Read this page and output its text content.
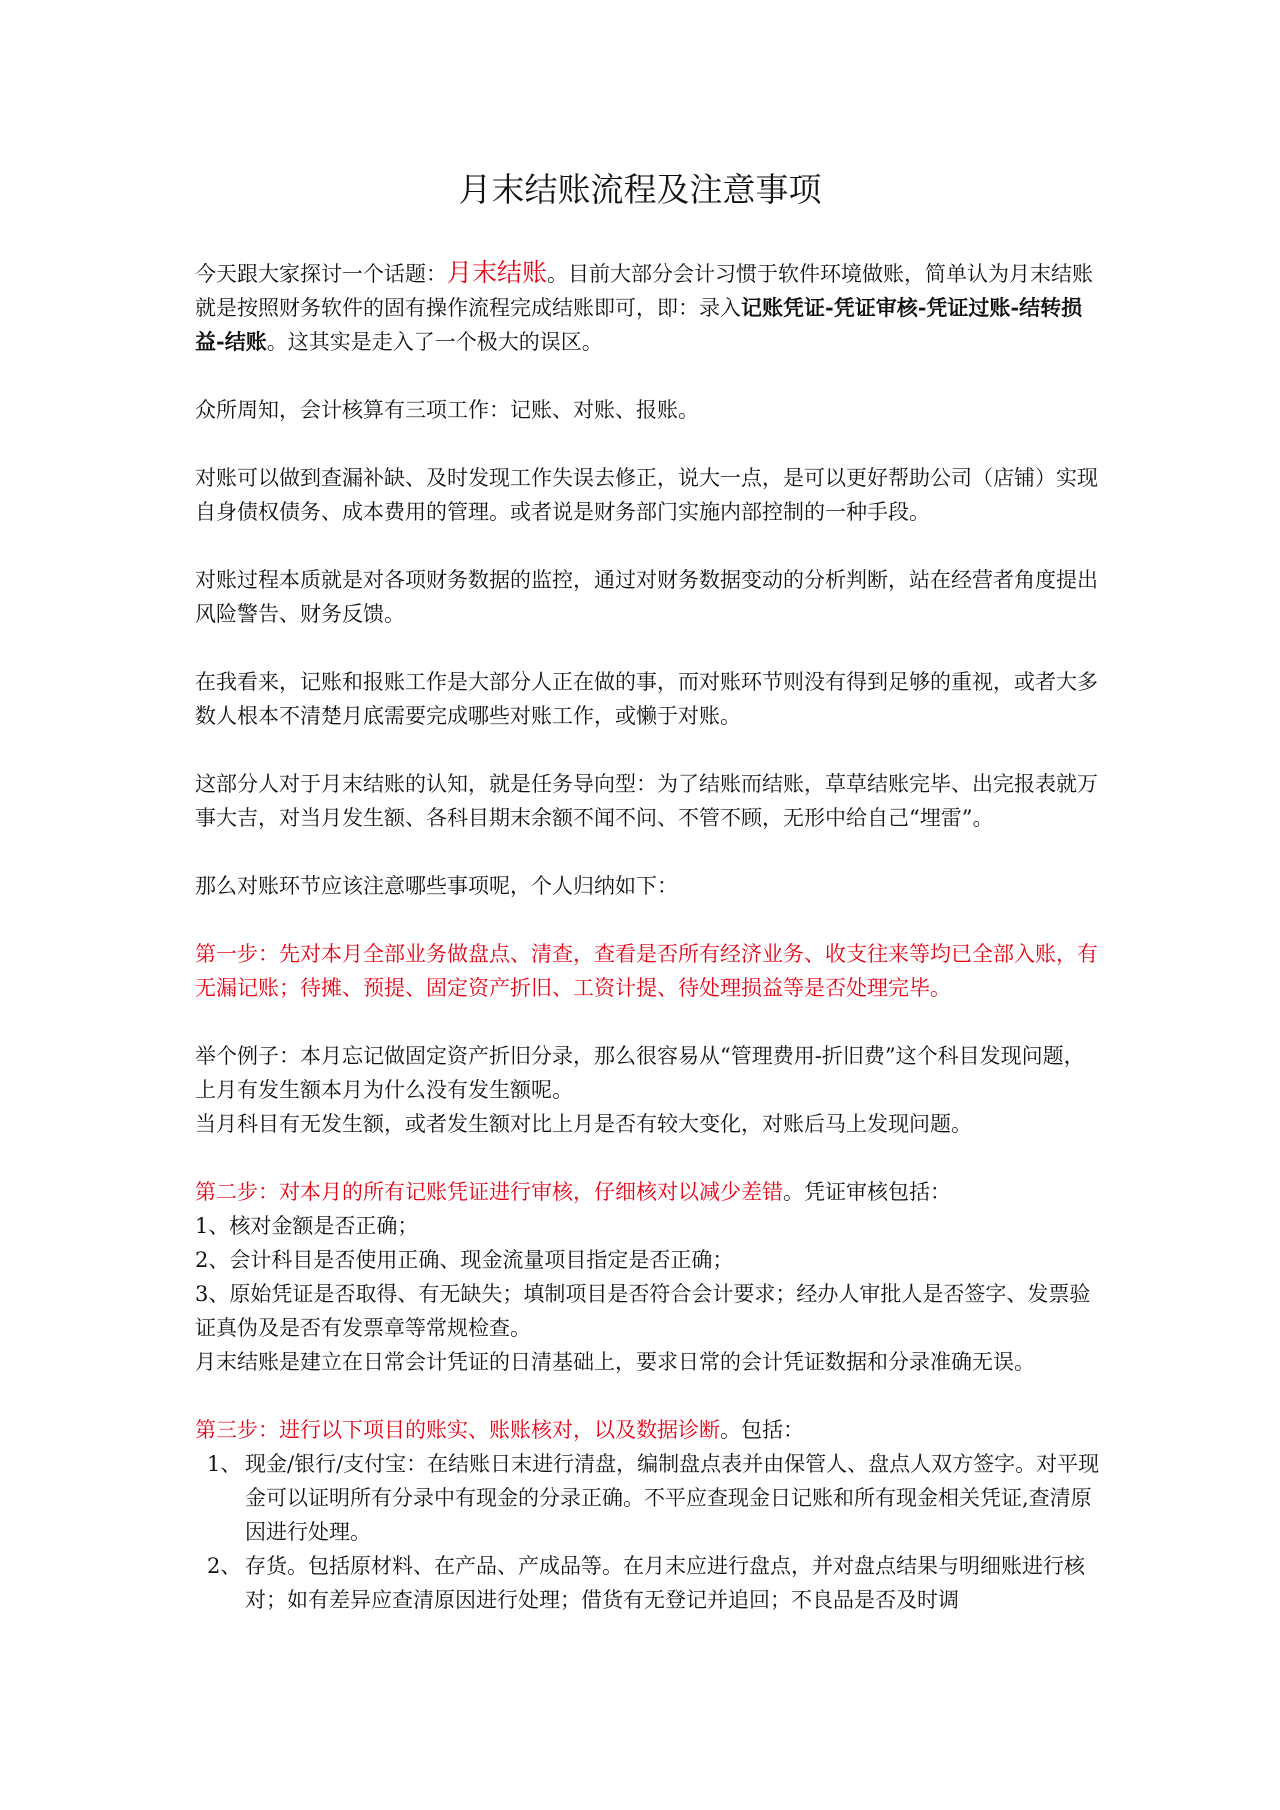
月末结账流程及注意事项

今天跟大家探讨一个话题：月末结账。目前大部分会计习惯于软件环境做账，简单认为月末结账就是按照财务软件的固有操作流程完成结账即可，即：录入记账凭证-凭证审核-凭证过账-结转损益-结账。这其实是走入了一个极大的误区。

众所周知，会计核算有三项工作：记账、对账、报账。

对账可以做到查漏补缺、及时发现工作失误去修正，说大一点，是可以更好帮助公司（店铺）实现自身债权债务、成本费用的管理。或者说是财务部门实施内部控制的一种手段。

对账过程本质就是对各项财务数据的监控，通过对财务数据变动的分析判断，站在经营者角度提出风险警告、财务反馈。

在我看来，记账和报账工作是大部分人正在做的事，而对账环节则没有得到足够的重视，或者大多数人根本不清楚月底需要完成哪些对账工作，或懒于对账。

这部分人对于月末结账的认知，就是任务导向型：为了结账而结账，草草结账完毕、出完报表就万事大吉，对当月发生额、各科目期末余额不闻不问、不管不顾，无形中给自己“埋雷”。

那么对账环节应该注意哪些事项呢，个人归纳如下：

第一步：先对本月全部业务做盘点、清查，查看是否所有经济业务、收支往来等均已全部入账，有无漏记账；待摊、预提、固定资产折旧、工资计提、待处理损益等是否处理完毕。

举个例子：本月忘记做固定资产折旧分录，那么很容易从“管理费用-折旧费”这个科目发现问题，上月有发生额本月为什么没有发生额呢。

当月科目有无发生额，或者发生额对比上月是否有较大变化，对账后马上发现问题。

第二步：对本月的所有记账凭证进行审核，仔细核对以减少差错。凭证审核包括：

1、核对金额是否正确；

2、会计科目是否使用正确、现金流量项目指定是否正确；

3、原始凭证是否取得、有无缺失；填制项目是否符合会计要求；经办人审批人是否签字、发票验证真伪及是否有发票章等常规检查。

月末结账是建立在日常会计凭证的日清基础上，要求日常的会计凭证数据和分录准确无误。

第三步：进行以下项目的账实、账账核对，以及数据诊断。包括：

1、 现金/银行/支付宝：在结账日末进行清盘，编制盘点表并由保管人、盘点人双方签字。对平现金可以证明所有分录中有现金的分录正确。不平应查现金日记账和所有现金相关凭证,查清原因进行处理。
2、 存货。包括原材料、在产品、产成品等。在月末应进行盘点，并对盘点结果与明细账进行核对；如有差异应查清原因进行处理；借货有无登记并追回；不良品是否及时调
